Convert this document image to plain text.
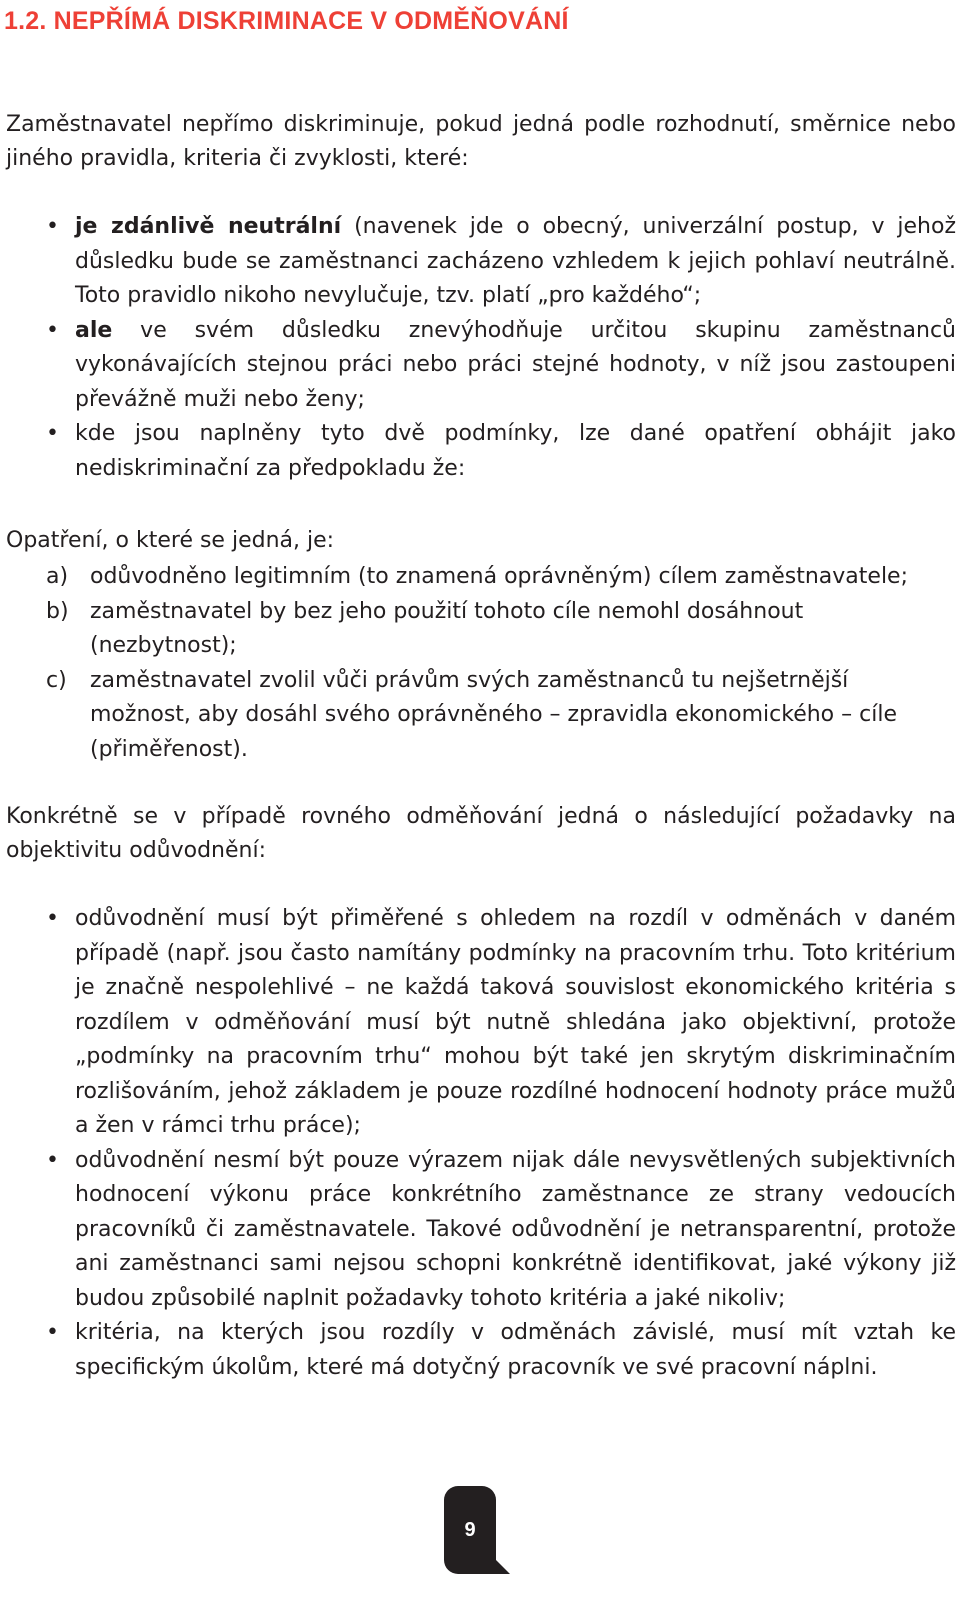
1.2. NEPŘÍMÁ DISKRIMINACE V ODMĚŇOVÁNÍ

Zaměstnavatel nepřímo diskriminuje, pokud jedná podle rozhodnutí, směrnice nebo jiného pravidla, kriteria či zvyklosti, které:

• je zdánlivě neutrální (navenek jde o obecný, univerzální postup, v jehož důsledku bude se zaměstnanci zacházeno vzhledem k jejich pohlaví neutrálně. Toto pravidlo nikoho nevylučuje, tzv. platí „pro každého“;
• ale ve svém důsledku znevýhodňuje určitou skupinu zaměstnanců vykonávajících stejnou práci nebo práci stejné hodnoty, v níž jsou zastoupeni převážně muži nebo ženy;
• kde jsou naplněny tyto dvě podmínky, lze dané opatření obhájit jako nediskriminační za předpokladu že:

Opatření, o které se jedná, je:

a) odůvodněno legitimním (to znamená oprávněným) cílem zaměstnavatele;
b) zaměstnavatel by bez jeho použití tohoto cíle nemohl dosáhnout (nezbytnost);
c) zaměstnavatel zvolil vůči právům svých zaměstnanců tu nejšetrnější možnost, aby dosáhl svého oprávněného – zpravidla ekonomického – cíle (přiměřenost).

Konkrétně se v případě rovného odměňování jedná o následující požadavky na objektivitu odůvodnění:

• odůvodnění musí být přiměřené s ohledem na rozdíl v odměnách v daném případě (např. jsou často namítány podmínky na pracovním trhu. Toto kritérium je značně nespolehlivé – ne každá taková souvislost ekonomického kritéria s rozdílem v odměňování musí být nutně shledána jako objektivní, protože „podmínky na pracovním trhu“ mohou být také jen skrytým diskriminačním rozlišováním, jehož základem je pouze rozdílné hodnocení hodnoty práce mužů a žen v rámci trhu práce);
• odůvodnění nesmí být pouze výrazem nijak dále nevysvětlených subjektivních hodnocení výkonu práce konkrétního zaměstnance ze strany vedoucích pracovníků či zaměstnavatele. Takové odůvodnění je netransparentní, protože ani zaměstnanci sami nejsou schopni konkrétně identifikovat, jaké výkony již budou způsobilé naplnit požadavky tohoto kritéria a jaké nikoliv;
• kritéria, na kterých jsou rozdíly v odměnách závislé, musí mít vztah ke specifickým úkolům, které má dotyčný pracovník ve své pracovní náplni.
9
